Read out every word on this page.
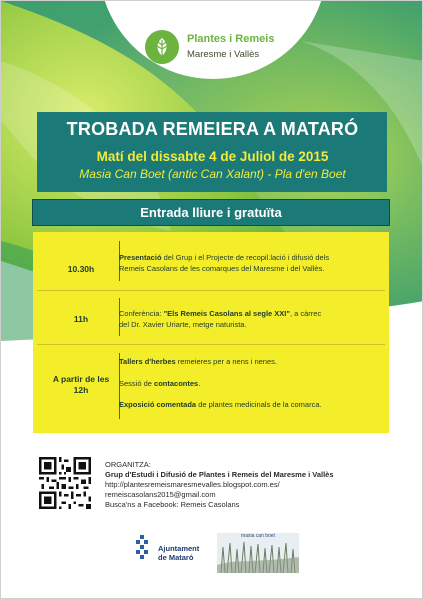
Plantes i Remeis
Maresme i Vallès
TROBADA REMEIERA A MATARÓ
Matí del dissabte 4 de Juliol de 2015
Masia Can Boet (antic Can Xalant) - Pla d'en Boet
Entrada lliure i gratuïta
10.30h
Presentació del Grup i el Projecte de recopil.lació i difusió dels
Remeis Casolans de les comarques del Maresme i del Vallès.
11h
Conferència: "Els Remeis Casolans al segle XXI", a càrrec
del Dr. Xavier Uriarte, metge naturista.
A partir de les 12h
Tallers d'herbes remeieres per a nens i nenes.
Sessió de contacontes.
Exposició comentada de plantes medicinals de la comarca.
ORGANITZA:
Grup d'Estudi i Difusió de Plantes i Remeis del Maresme i Vallès
http://plantesremeismaresmevalles.blogspot.com.es/
remeiscasolans2015@gmail.com
Busca'ns a Facebook: Remeis Casolans
Ajuntament
de Mataró
masia can boet
